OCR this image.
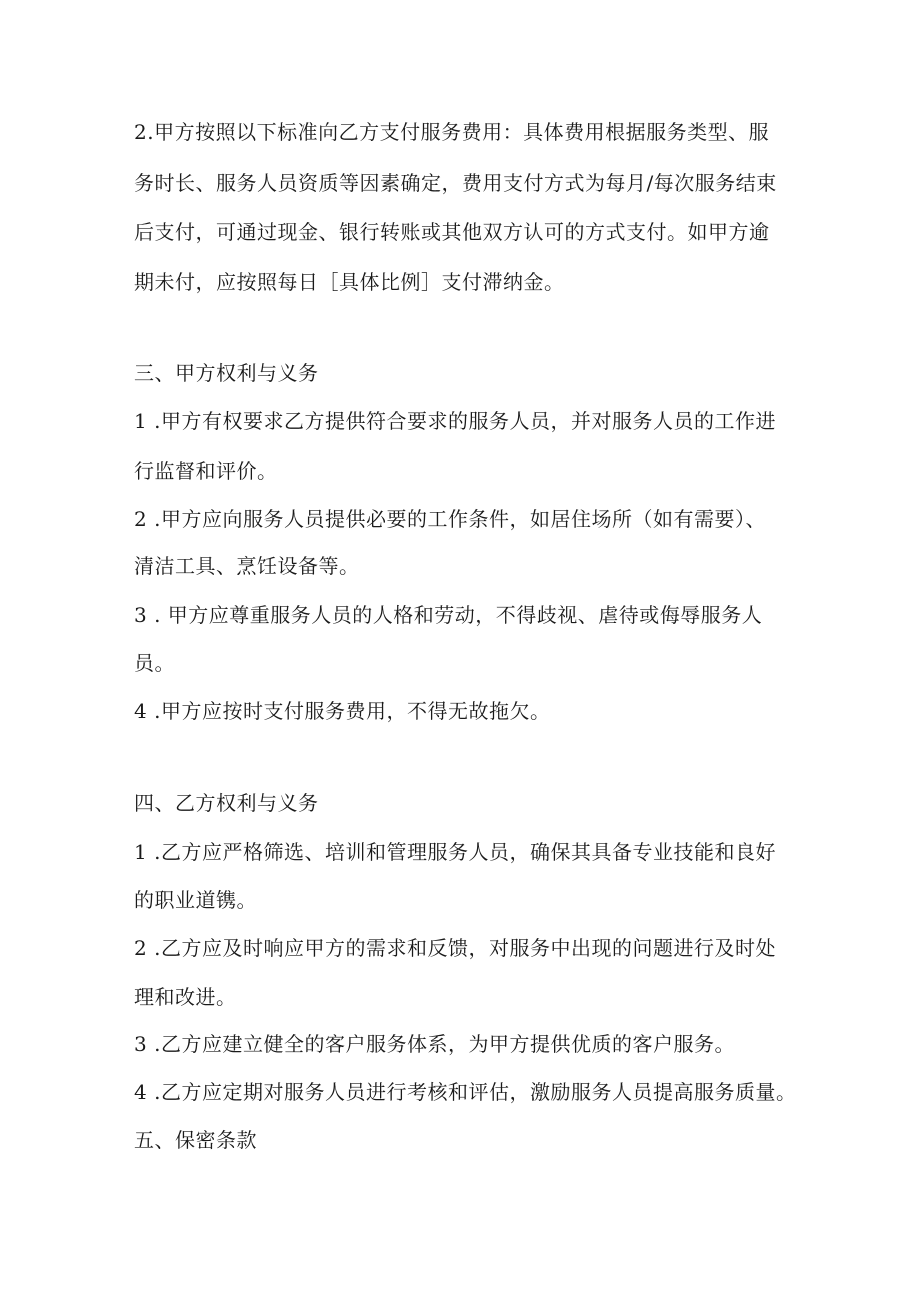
2.甲方按照以下标准向乙方支付服务费用：具体费用根据服务类型、服
务时长、服务人员资质等因素确定，费用支付方式为每月/每次服务结束
后支付，可通过现金、银行转账或其他双方认可的方式支付。如甲方逾
期未付，应按照每日［具体比例］支付滞纳金。
三、甲方权利与义务
1 .甲方有权要求乙方提供符合要求的服务人员，并对服务人员的工作进
行监督和评价。
2 .甲方应向服务人员提供必要的工作条件，如居住场所（如有需要）、
清洁工具、烹饪设备等。
3 . 甲方应尊重服务人员的人格和劳动，不得歧视、虐待或侮辱服务人
员。
4 .甲方应按时支付服务费用，不得无故拖欠。
四、乙方权利与义务
1 .乙方应严格筛选、培训和管理服务人员，确保其具备专业技能和良好
的职业道镌。
2 .乙方应及时响应甲方的需求和反馈，对服务中出现的问题进行及时处
理和改进。
3 .乙方应建立健全的客户服务体系，为甲方提供优质的客户服务。
4 .乙方应定期对服务人员进行考核和评估，激励服务人员提高服务质量。
五、保密条款
